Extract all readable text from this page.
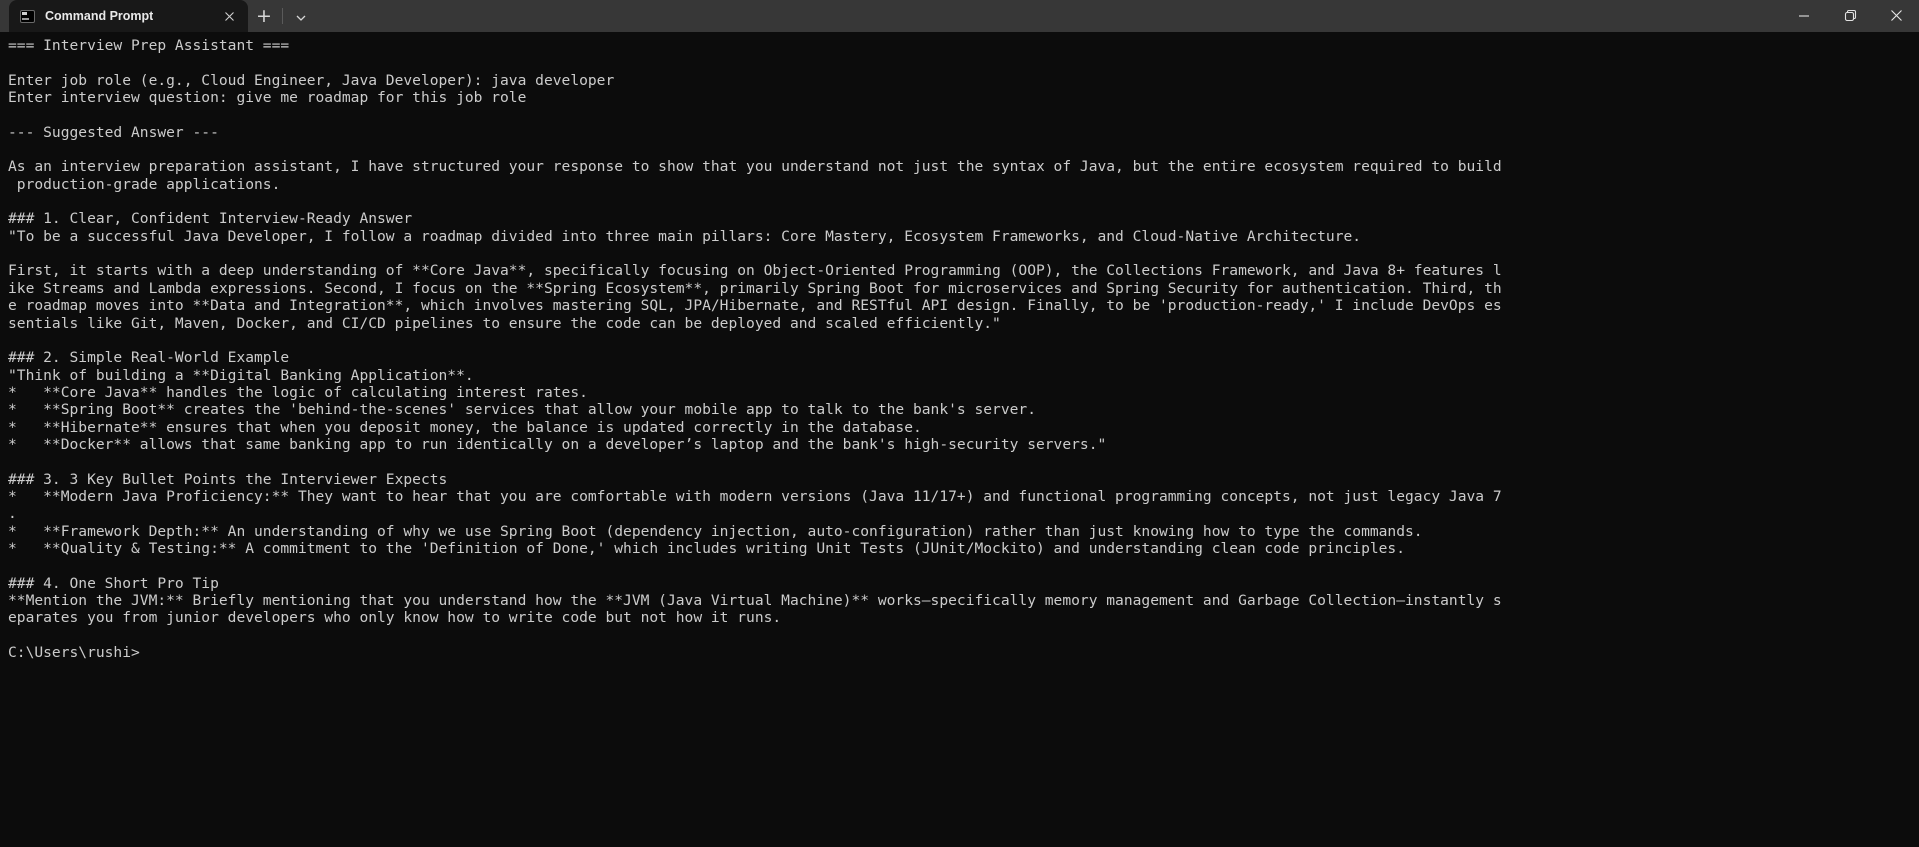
Command Prompt	+
=== Interview Prep Assistant ===

Enter job role (e.g., Cloud Engineer, Java Developer): java developer
Enter interview question: give me roadmap for this job role

--- Suggested Answer ---

As an interview preparation assistant, I have structured your response to show that you understand not just the syntax of Java, but the entire ecosystem required to build
production-grade applications.

### 1. Clear, Confident Interview-Ready Answer
"To be a successful Java Developer, I follow a roadmap divided into three main pillars: Core Mastery, Ecosystem Frameworks, and Cloud-Native Architecture.

First, it starts with a deep understanding of **Core Java**, specifically focusing on Object-Oriented Programming (OOP), the Collections Framework, and Java 8+ features l
ike Streams and Lambda expressions. Second, I focus on the **Spring Ecosystem**, primarily Spring Boot for microservices and Spring Security for authentication. Third, th
e roadmap moves into **Data and Integration**, which involves mastering SQL, JPA/Hibernate, and RESTful API design. Finally, to be 'production-ready,' I include DevOps es
sentials like Git, Maven, Docker, and CI/CD pipelines to ensure the code can be deployed and scaled efficiently."

### 2. Simple Real-World Example
"Think of building a **Digital Banking Application**.
*   **Core Java** handles the logic of calculating interest rates.
*   **Spring Boot** creates the 'behind-the-scenes' services that allow your mobile app to talk to the bank's server.
*   **Hibernate** ensures that when you deposit money, the balance is updated correctly in the database.
*   **Docker** allows that same banking app to run identically on a developer’s laptop and the bank's high-security servers."

### 3. 3 Key Bullet Points the Interviewer Expects
*   **Modern Java Proficiency:** They want to hear that you are comfortable with modern versions (Java 11/17+) and functional programming concepts, not just legacy Java 7
.
*   **Framework Depth:** An understanding of why we use Spring Boot (dependency injection, auto-configuration) rather than just knowing how to type the commands.
*   **Quality & Testing:** A commitment to the 'Definition of Done,' which includes writing Unit Tests (JUnit/Mockito) and understanding clean code principles.

### 4. One Short Pro Tip
**Mention the JVM:** Briefly mentioning that you understand how the **JVM (Java Virtual Machine)** works—specifically memory management and Garbage Collection—instantly s
eparates you from junior developers who only know how to write code but not how it runs.

C:\Users\rushi>
